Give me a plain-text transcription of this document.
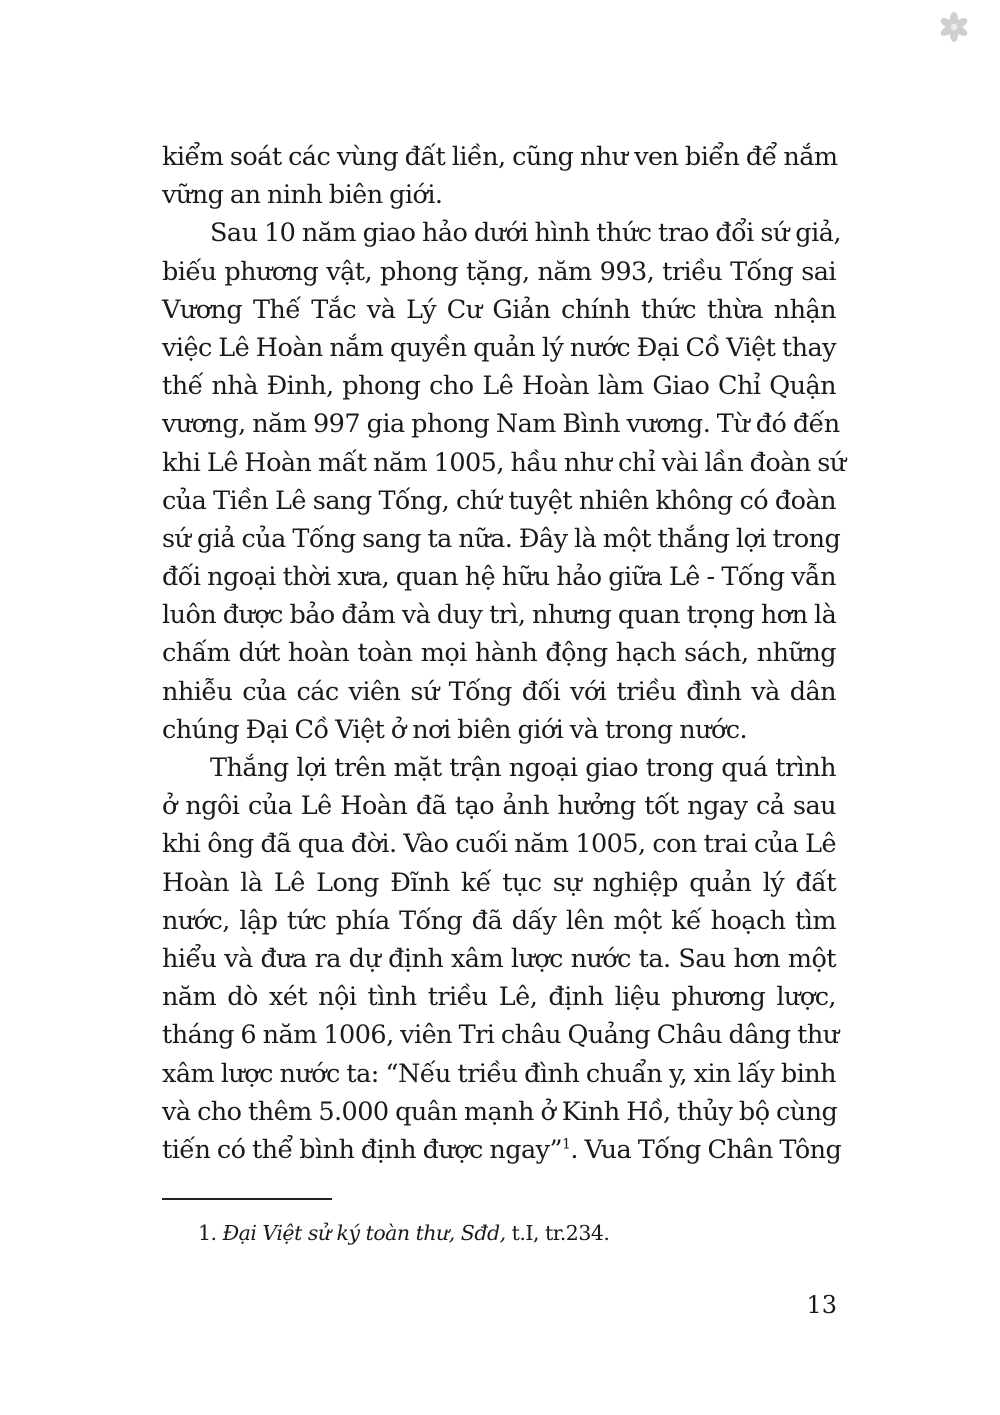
kiểm soát các vùng đất liền, cũng như ven biển để nắm
vững an ninh biên giới.
Sau 10 năm giao hảo dưới hình thức trao đổi sứ giả,
biếu phương vật, phong tặng, năm 993, triều Tống sai
Vương Thế Tắc và Lý Cư Giản chính thức thừa nhận
việc Lê Hoàn nắm quyền quản lý nước Đại Cồ Việt thay
thế nhà Đinh, phong cho Lê Hoàn làm Giao Chỉ Quận
vương, năm 997 gia phong Nam Bình vương. Từ đó đến
khi Lê Hoàn mất năm 1005, hầu như chỉ vài lần đoàn sứ
của Tiền Lê sang Tống, chứ tuyệt nhiên không có đoàn
sứ giả của Tống sang ta nữa. Đây là một thắng lợi trong
đối ngoại thời xưa, quan hệ hữu hảo giữa Lê - Tống vẫn
luôn được bảo đảm và duy trì, nhưng quan trọng hơn là
chấm dứt hoàn toàn mọi hành động hạch sách, những
nhiễu của các viên sứ Tống đối với triều đình và dân
chúng Đại Cồ Việt ở nơi biên giới và trong nước.
Thắng lợi trên mặt trận ngoại giao trong quá trình
ở ngôi của Lê Hoàn đã tạo ảnh hưởng tốt ngay cả sau
khi ông đã qua đời. Vào cuối năm 1005, con trai của Lê
Hoàn là Lê Long Đĩnh kế tục sự nghiệp quản lý đất
nước, lập tức phía Tống đã dấy lên một kế hoạch tìm
hiểu và đưa ra dự định xâm lược nước ta. Sau hơn một
năm dò xét nội tình triều Lê, định liệu phương lược,
tháng 6 năm 1006, viên Tri châu Quảng Châu dâng thư
xâm lược nước ta: “Nếu triều đình chuẩn y, xin lấy binh
và cho thêm 5.000 quân mạnh ở Kinh Hồ, thủy bộ cùng
tiến có thể bình định được ngay”$^1$. Vua Tống Chân Tông
1. Đại Việt sử ký toàn thư, Sđd, t.I, tr.234.
13
